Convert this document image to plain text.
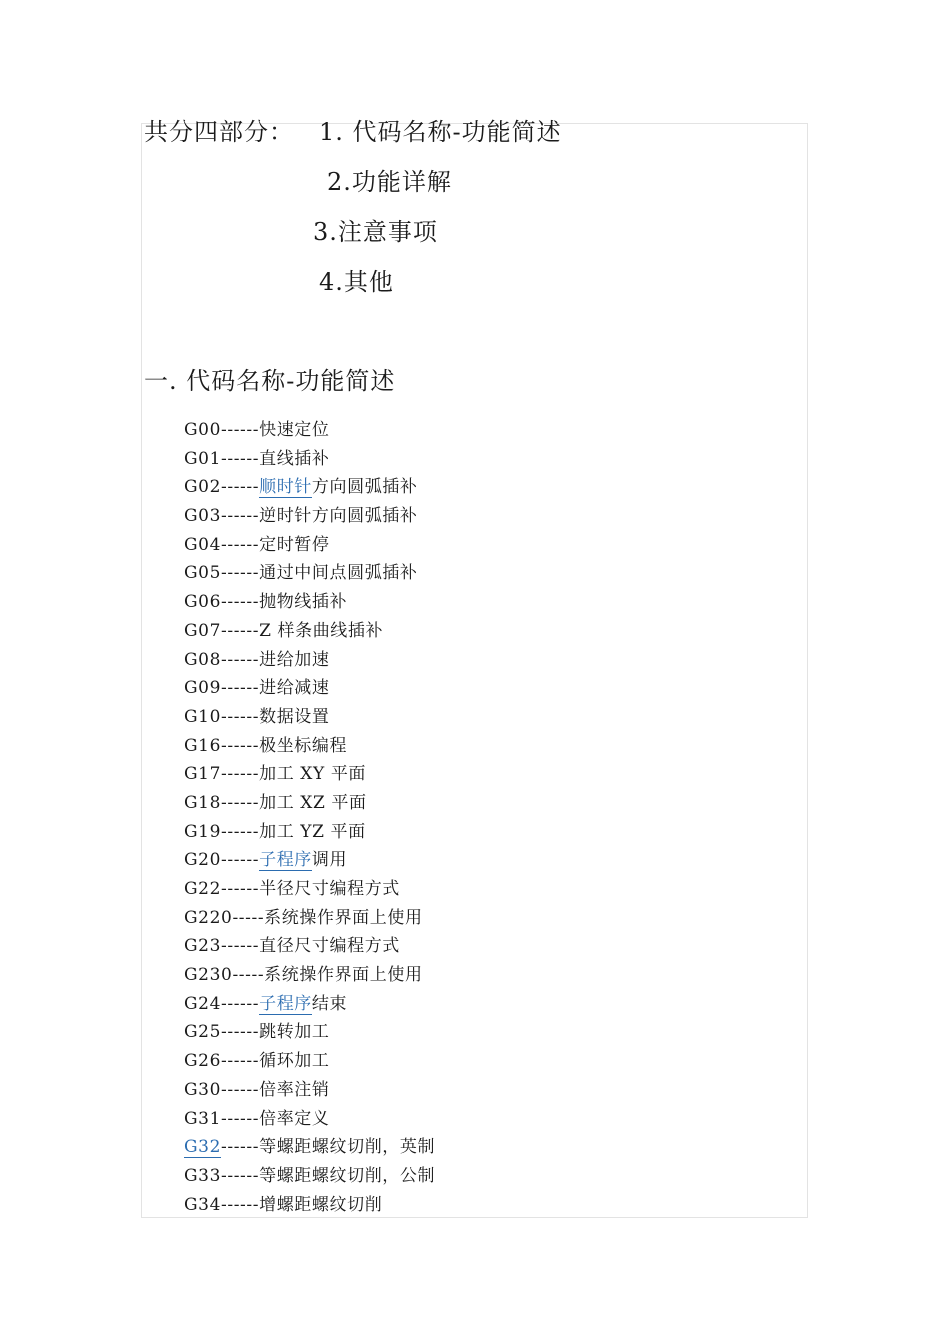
共分四部分： 1. 代码名称-功能简述
2.功能详解
3.注意事项
4.其他
一. 代码名称-功能简述
G00------快速定位
G01------直线插补
G02------顺时针方向圆弧插补
G03------逆时针方向圆弧插补
G04------定时暂停
G05------通过中间点圆弧插补
G06------抛物线插补
G07------Z 样条曲线插补
G08------进给加速
G09------进给减速
G10------数据设置
G16------极坐标编程
G17------加工 XY 平面
G18------加工 XZ 平面
G19------加工 YZ 平面
G20------子程序调用
G22------半径尺寸编程方式
G220-----系统操作界面上使用
G23------直径尺寸编程方式
G230-----系统操作界面上使用
G24------子程序结束
G25------跳转加工
G26------循环加工
G30------倍率注销
G31------倍率定义
G32------等螺距螺纹切削，英制
G33------等螺距螺纹切削，公制
G34------增螺距螺纹切削
